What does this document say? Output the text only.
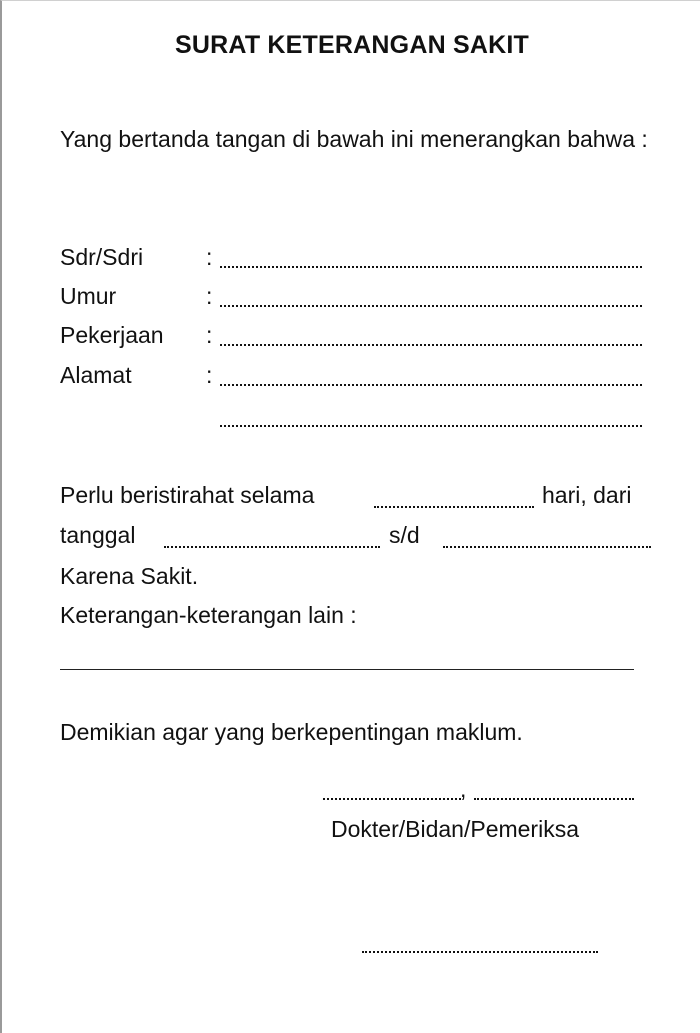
SURAT KETERANGAN SAKIT
Yang bertanda tangan di bawah ini menerangkan bahwa :
Sdr/Sdri	:
Umur	:
Pekerjaan :
Alamat	:
Perlu beristirahat selama	hari, dari
tanggal	s/d
Karena Sakit.
Keterangan-keterangan lain :
Demikian agar yang berkepentingan maklum.
,
Dokter/Bidan/Pemeriksa
